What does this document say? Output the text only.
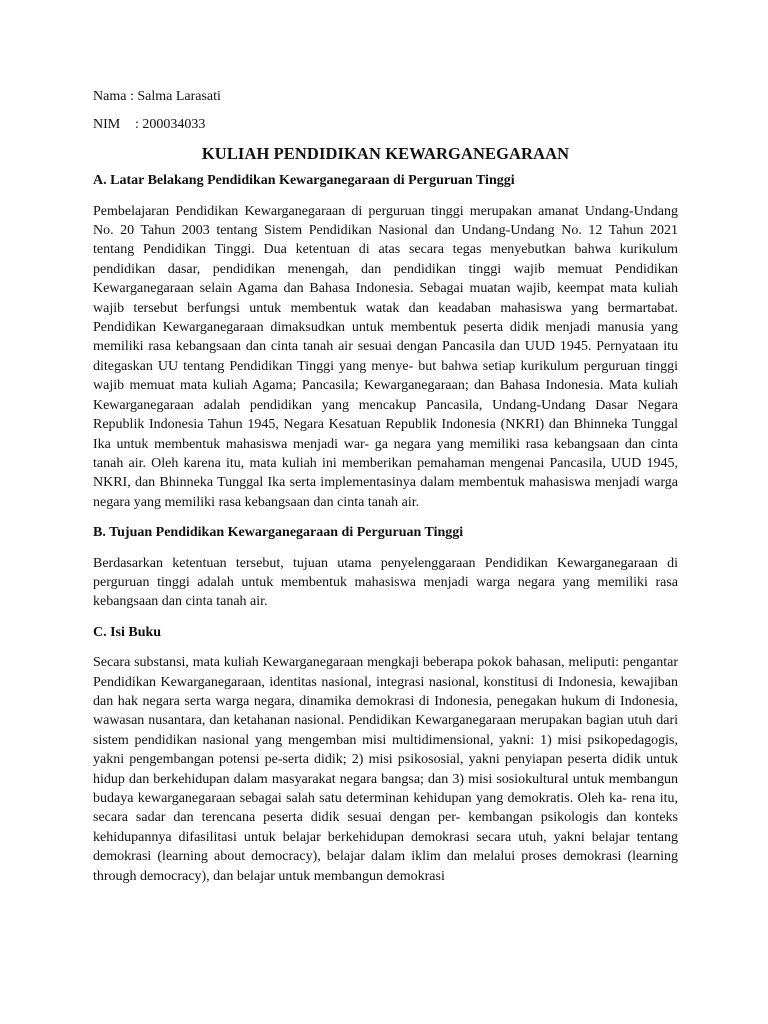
Nama : Salma Larasati
NIM : 200034033
KULIAH PENDIDIKAN KEWARGANEGARAAN
A. Latar Belakang Pendidikan Kewarganegaraan di Perguruan Tinggi
Pembelajaran Pendidikan Kewarganegaraan di perguruan tinggi merupakan amanat Undang-Undang No. 20 Tahun 2003 tentang Sistem Pendidikan Nasional dan Undang-Undang No. 12 Tahun 2021 tentang Pendidikan Tinggi. Dua ketentuan di atas secara tegas menyebutkan bahwa kurikulum pendidikan dasar, pendidikan menengah, dan pendidikan tinggi wajib memuat Pendidikan Kewarganegaraan selain Agama dan Bahasa Indonesia. Sebagai muatan wajib, keempat mata kuliah wajib tersebut berfungsi untuk membentuk watak dan keadaban mahasiswa yang bermartabat. Pendidikan Kewarganegaraan dimaksudkan untuk membentuk peserta didik menjadi manusia yang memiliki rasa kebangsaan dan cinta tanah air sesuai dengan Pancasila dan UUD 1945. Pernyataan itu ditegaskan UU tentang Pendidikan Tinggi yang menye- but bahwa setiap kurikulum perguruan tinggi wajib memuat mata kuliah Agama; Pancasila; Kewarganegaraan; dan Bahasa Indonesia. Mata kuliah Kewarganegaraan adalah pendidikan yang mencakup Pancasila, Undang-Undang Dasar Negara Republik Indonesia Tahun 1945, Negara Kesatuan Republik Indonesia (NKRI) dan Bhinneka Tunggal Ika untuk membentuk mahasiswa menjadi war- ga negara yang memiliki rasa kebangsaan dan cinta tanah air. Oleh karena itu, mata kuliah ini memberikan pemahaman mengenai Pancasila, UUD 1945, NKRI, dan Bhinneka Tunggal Ika serta implementasinya dalam membentuk mahasiswa menjadi warga negara yang memiliki rasa kebangsaan dan cinta tanah air.
B. Tujuan Pendidikan Kewarganegaraan di Perguruan Tinggi
Berdasarkan ketentuan tersebut, tujuan utama penyelenggaraan Pendidikan Kewarganegaraan di perguruan tinggi adalah untuk membentuk mahasiswa menjadi warga negara yang memiliki rasa kebangsaan dan cinta tanah air.
C. Isi Buku
Secara substansi, mata kuliah Kewarganegaraan mengkaji beberapa pokok bahasan, meliputi: pengantar Pendidikan Kewarganegaraan, identitas nasional, integrasi nasional, konstitusi di Indonesia, kewajiban dan hak negara serta warga negara, dinamika demokrasi di Indonesia, penegakan hukum di Indonesia, wawasan nusantara, dan ketahanan nasional. Pendidikan Kewarganegaraan merupakan bagian utuh dari sistem pendidikan nasional yang mengemban misi multidimensional, yakni: 1) misi psikopedagogis, yakni pengembangan potensi pe-serta didik; 2) misi psikososial, yakni penyiapan peserta didik untuk hidup dan berkehidupan dalam masyarakat negara bangsa; dan 3) misi sosiokultural untuk membangun budaya kewarganegaraan sebagai salah satu determinan kehidupan yang demokratis. Oleh ka- rena itu, secara sadar dan terencana peserta didik sesuai dengan per- kembangan psikologis dan konteks kehidupannya difasilitasi untuk belajar berkehidupan demokrasi secara utuh, yakni belajar tentang demokrasi (learning about democracy), belajar dalam iklim dan melalui proses demokrasi (learning through democracy), dan belajar untuk membangun demokrasi
